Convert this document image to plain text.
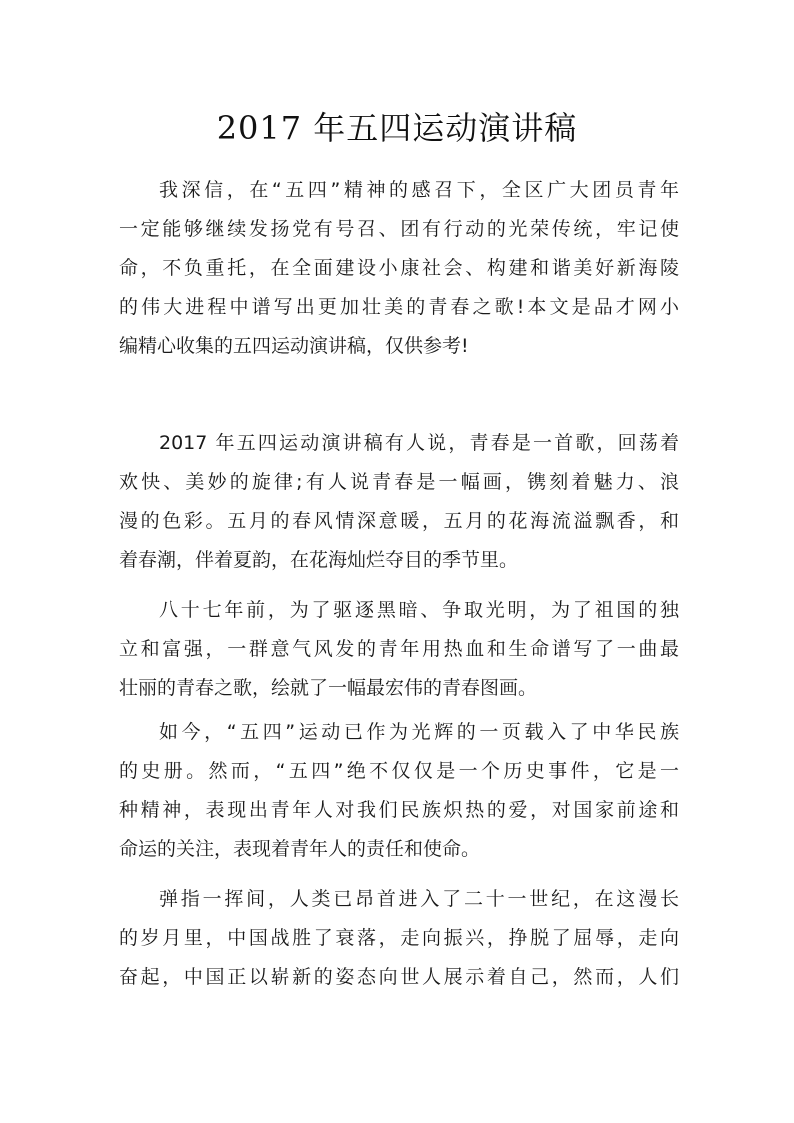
2017 年五四运动演讲稿
我深信，在“五四”精神的感召下，全区广大团员青年
一定能够继续发扬党有号召、团有行动的光荣传统，牢记使
命，不负重托，在全面建设小康社会、构建和谐美好新海陵
的伟大进程中谱写出更加壮美的青春之歌!本文是品才网小
编精心收集的五四运动演讲稿，仅供参考!
2017 年五四运动演讲稿有人说，青春是一首歌，回荡着
欢快、美妙的旋律;有人说青春是一幅画，镌刻着魅力、浪
漫的色彩。五月的春风情深意暖，五月的花海流溢飘香，和
着春潮，伴着夏韵，在花海灿烂夺目的季节里。
八十七年前，为了驱逐黑暗、争取光明，为了祖国的独
立和富强，一群意气风发的青年用热血和生命谱写了一曲最
壮丽的青春之歌，绘就了一幅最宏伟的青春图画。
如今，“五四”运动已作为光辉的一页载入了中华民族
的史册。然而，“五四”绝不仅仅是一个历史事件，它是一
种精神，表现出青年人对我们民族炽热的爱，对国家前途和
命运的关注，表现着青年人的责任和使命。
弹指一挥间，人类已昂首进入了二十一世纪，在这漫长
的岁月里，中国战胜了衰落，走向振兴，挣脱了屈辱，走向
奋起，中国正以崭新的姿态向世人展示着自己，然而，人们
